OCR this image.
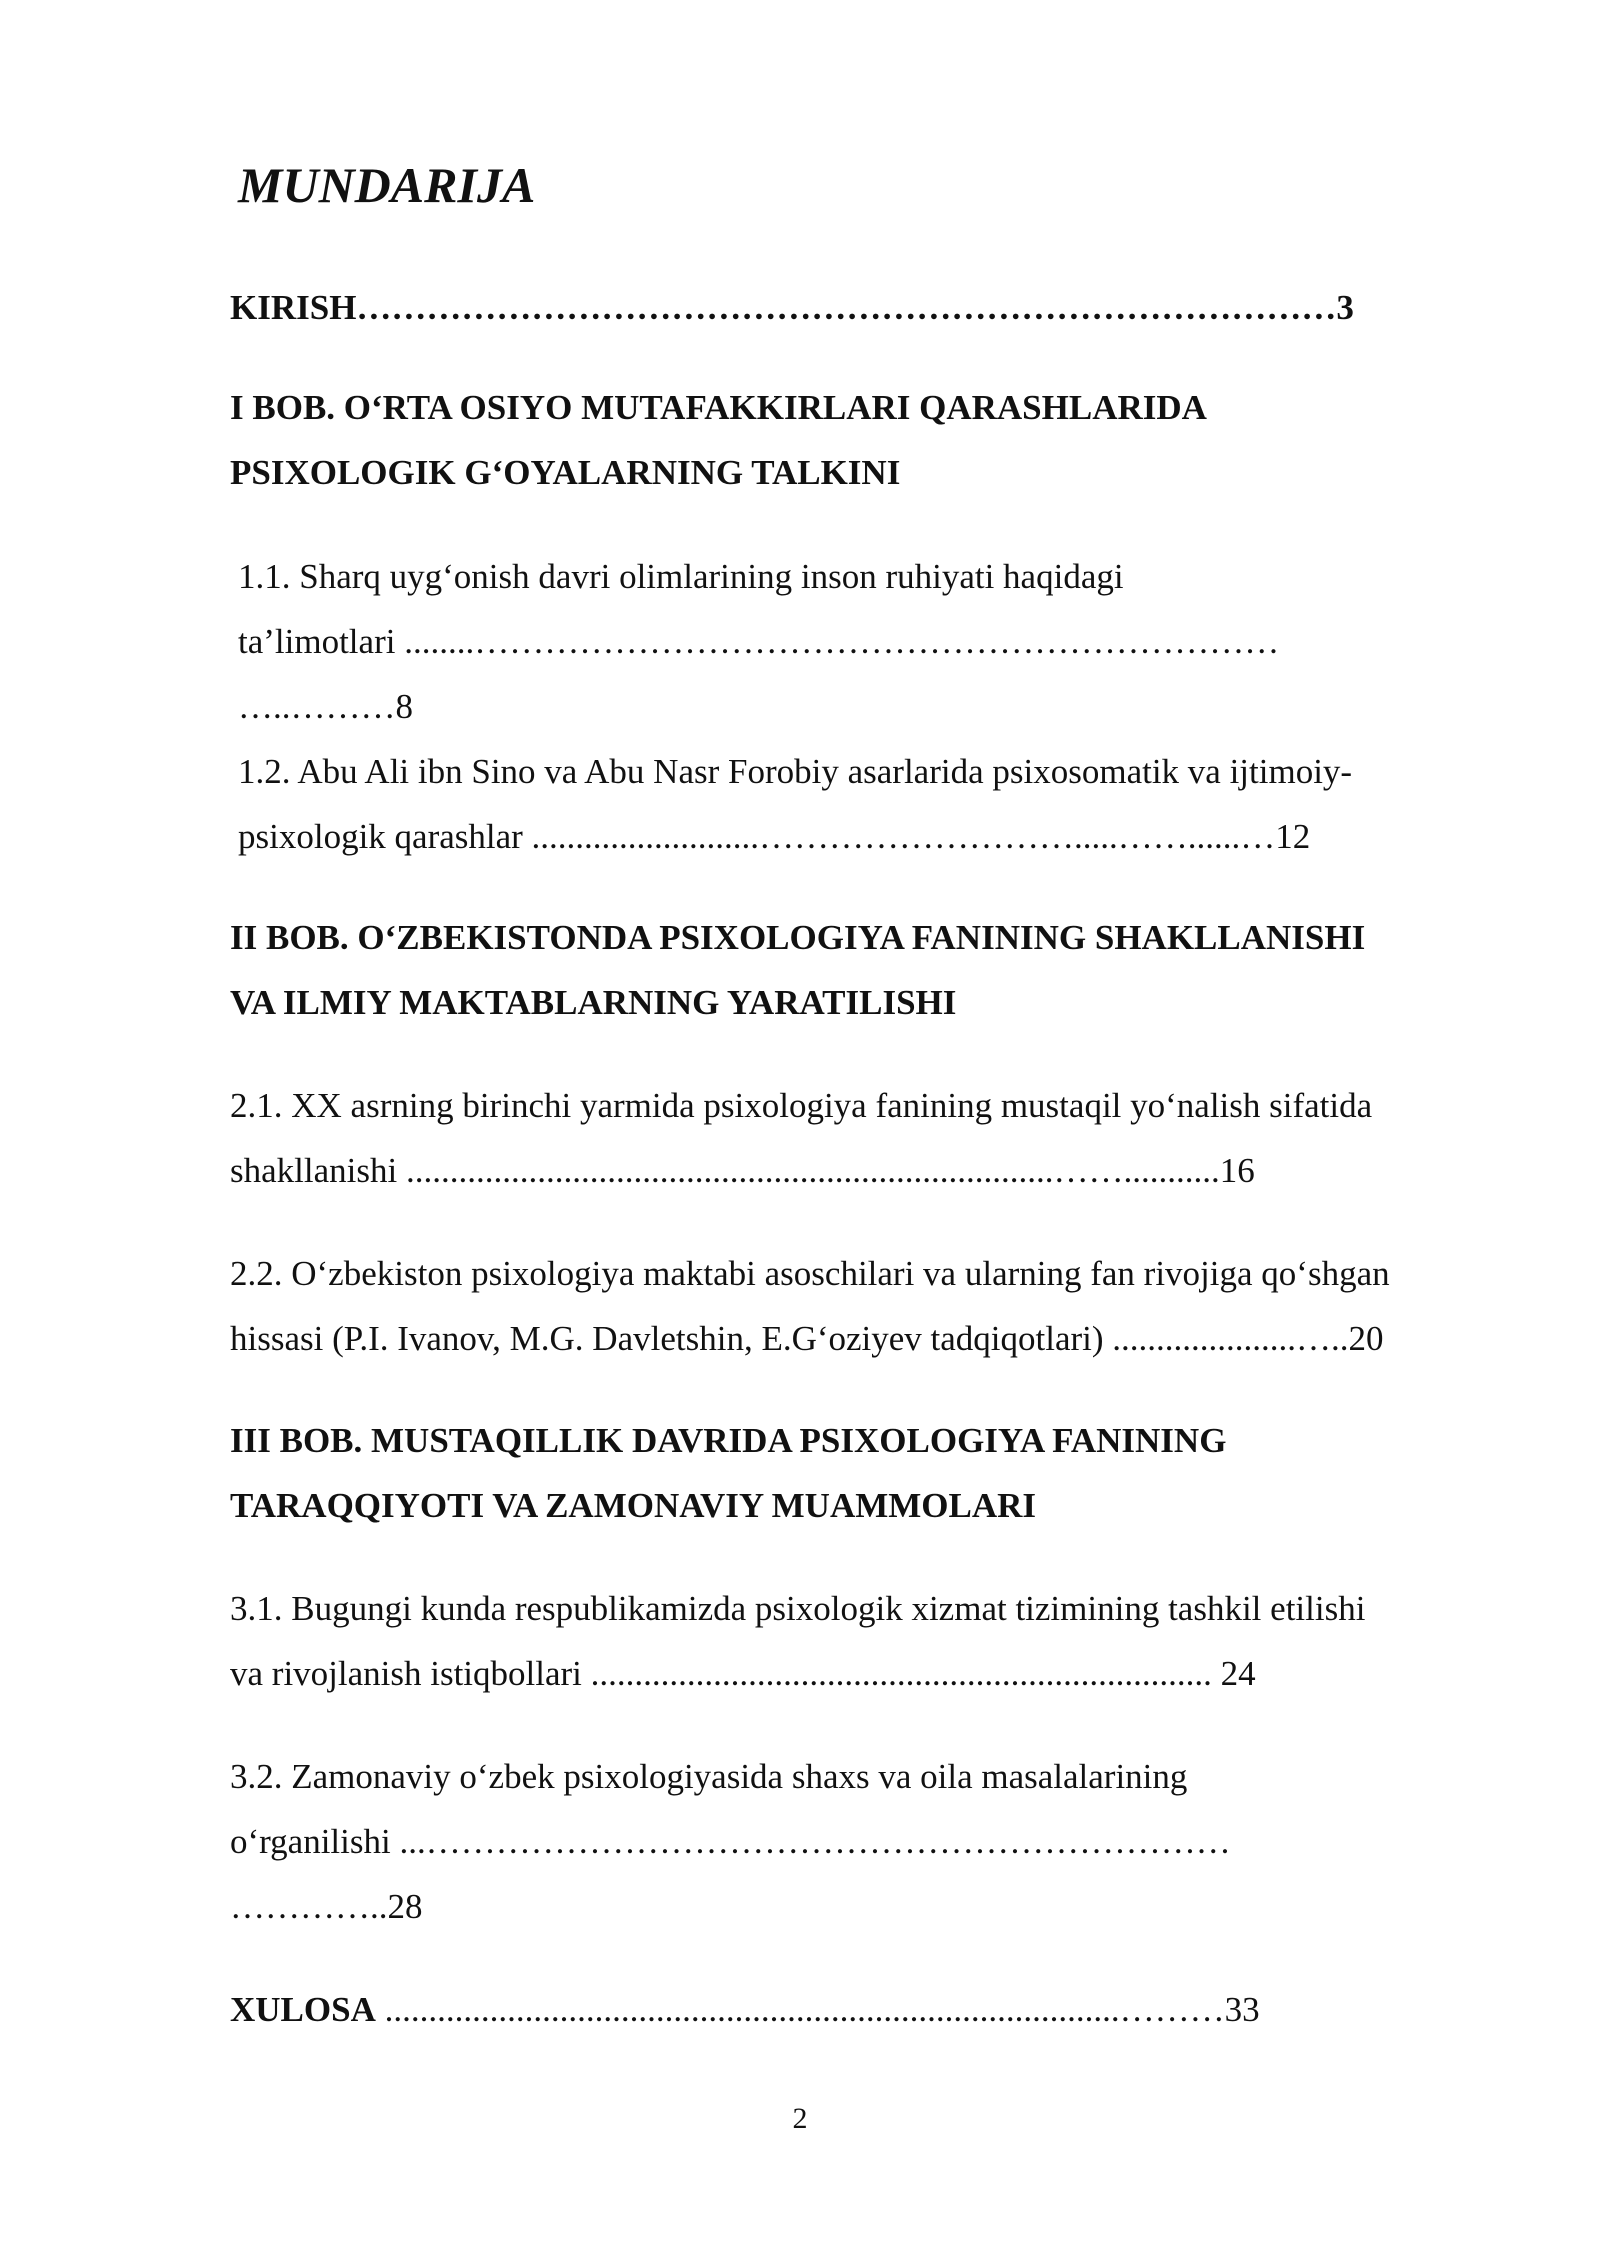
MUNDARIJA
KIRISH…………………………………………………………………………3
I BOB. O‘RTA OSIYO MUTAFAKKIRLARI QARASHLARIDA
PSIXOLOGIK G‘OYALARNING TALKINI
1.1. Sharq uyg‘onish davri olimlarining inson ruhiyati haqidagi
ta’limotlari ........……………………………………………………………
…..………8
1.2. Abu Ali ibn Sino va Abu Nasr Forobiy asarlarida psixosomatik va ijtimoiy-
psixologik qarashlar ..........................……………………….....……......…12
II BOB. O‘ZBEKISTONDA PSIXOLOGIYA FANINING SHAKLLANISHI
VA ILMIY MAKTABLARNING YARATILISHI
2.1. XX asrning birinchi yarmida psixologiya fanining mustaqil yo‘nalish sifatida
shakllanishi ..........................................................................……...........16
2.2. O‘zbekiston psixologiya maktabi asoschilari va ularning fan rivojiga qo‘shgan
hissasi (P.I. Ivanov, M.G. Davletshin, E.G‘oziyev tadqiqotlari) .....................…..20
III BOB. MUSTAQILLIK DAVRIDA PSIXOLOGIYA FANINING
TARAQQIYOTI VA ZAMONAVIY MUAMMOLARI
3.1. Bugungi kunda respublikamizda psixologik xizmat tizimining tashkil etilishi
va rivojlanish istiqbollari ....................................................................... 24
3.2. Zamonaviy o‘zbek psixologiyasida shaxs va oila masalalarining
o‘rganilishi ...……………………………………………………………
…………..28
XULOSA ....................................................................................………33
2
